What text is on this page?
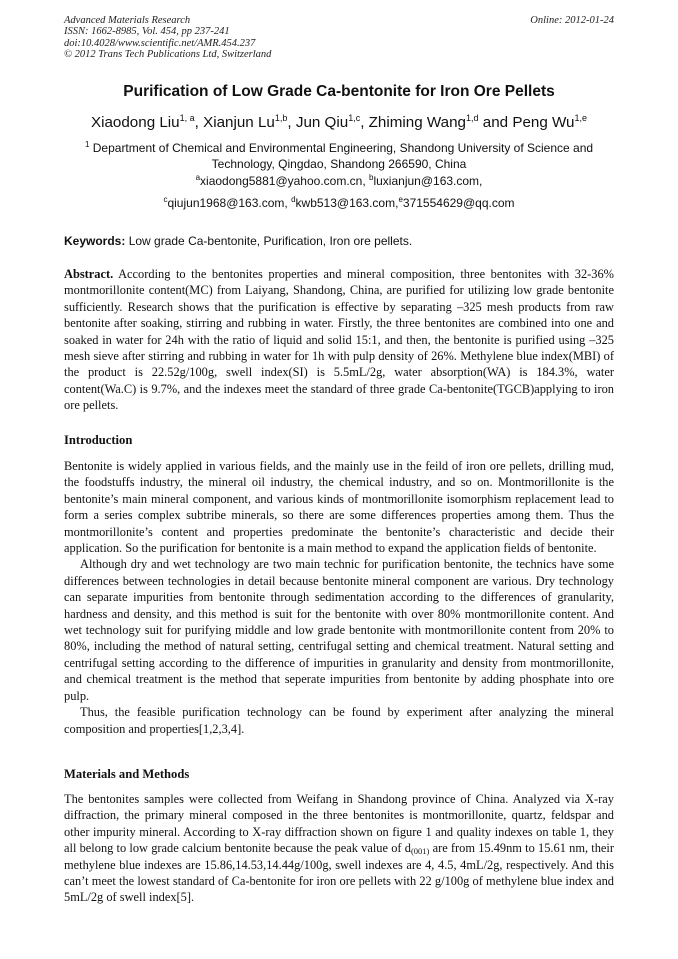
Advanced Materials Research
ISSN: 1662-8985, Vol. 454, pp 237-241
doi:10.4028/www.scientific.net/AMR.454.237
© 2012 Trans Tech Publications Ltd, Switzerland
Online: 2012-01-24
Purification of Low Grade Ca-bentonite for Iron Ore Pellets
Xiaodong Liu$^{1, a}$, Xianjun Lu$^{1,b}$, Jun Qiu$^{1,c}$, Zhiming Wang$^{1,d}$ and Peng Wu$^{1,e}$
$^1$ Department of Chemical and Environmental Engineering, Shandong University of Science and Technology, Qingdao, Shandong 266590, China
$^a$xiaodong5881@yahoo.com.cn, $^b$luxianjun@163.com,
$^c$qiujun1968@163.com, $^d$kwb513@163.com,$^e$371554629@qq.com
Keywords: Low grade Ca-bentonite, Purification, Iron ore pellets.

Abstract. According to the bentonites properties and mineral composition, three bentonites with 32-36% montmorillonite content(MC) from Laiyang, Shandong, China, are purified for utilizing low grade bentonite sufficiently. Research shows that the purification is effective by separating –325 mesh products from raw bentonite after soaking, stirring and rubbing in water. Firstly, the three bentonites are combined into one and soaked in water for 24h with the ratio of liquid and solid 15:1, and then, the bentonite is purified using –325 mesh sieve after stirring and rubbing in water for 1h with pulp density of 26%. Methylene blue index(MBI) of the product is 22.52g/100g, swell index(SI) is 5.5mL/2g, water absorption(WA) is 184.3%, water content(Wa.C) is 9.7%, and the indexes meet the standard of three grade Ca-bentonite(TGCB)applying to iron ore pellets.

Introduction

Bentonite is widely applied in various fields, and the mainly use in the feild of iron ore pellets, drilling mud, the foodstuffs industry, the mineral oil industry, the chemical industry, and so on. Montmorillonite is the bentonite’s main mineral component, and various kinds of montmorillonite isomorphism replacement lead to form a series complex subtribe minerals, so there are some differences properties among them. Thus the montmorillonite’s content and properties predominate the bentonite’s characteristic and decide their application. So the purification for bentonite is a main method to expand the application fields of bentonite.

Although dry and wet technology are two main technic for purification bentonite, the technics have some differences between technologies in detail because bentonite mineral component are various. Dry technology can separate impurities from bentonite through sedimentation according to the differences of granularity, hardness and density, and this method is suit for the bentonite with over 80% montmorillonite content. And wet technology suit for purifying middle and low grade bentonite with montmorillonite content from 20% to 80%, including the method of natural setting, centrifugal setting and chemical treatment. Natural setting and centrifugal setting according to the difference of impurities in granularity and density from montmorillonite, and chemical treatment is the method that seperate impurities from bentonite by adding phosphate into ore pulp.

Thus, the feasible purification technology can be found by experiment after analyzing the mineral composition and properties[1,2,3,4].

Materials and Methods

The bentonites samples were collected from Weifang in Shandong province of China. Analyzed via X-ray diffraction, the primary mineral composed in the three bentonites is montmorillonite, quartz, feldspar and other impurity mineral. According to X-ray diffraction shown on figure 1 and quality indexes on table 1, they all belong to low grade calcium bentonite because the peak value of $d_{(001)}$ are from 15.49nm to 15.61 nm, their methylene blue indexes are 15.86,14.53,14.44g/100g, swell indexes are 4, 4.5, 4mL/2g, respectively. And this can’t meet the lowest standard of Ca-bentonite for iron ore pellets with 22 g/100g of methylene blue index and 5mL/2g of swell index[5].
